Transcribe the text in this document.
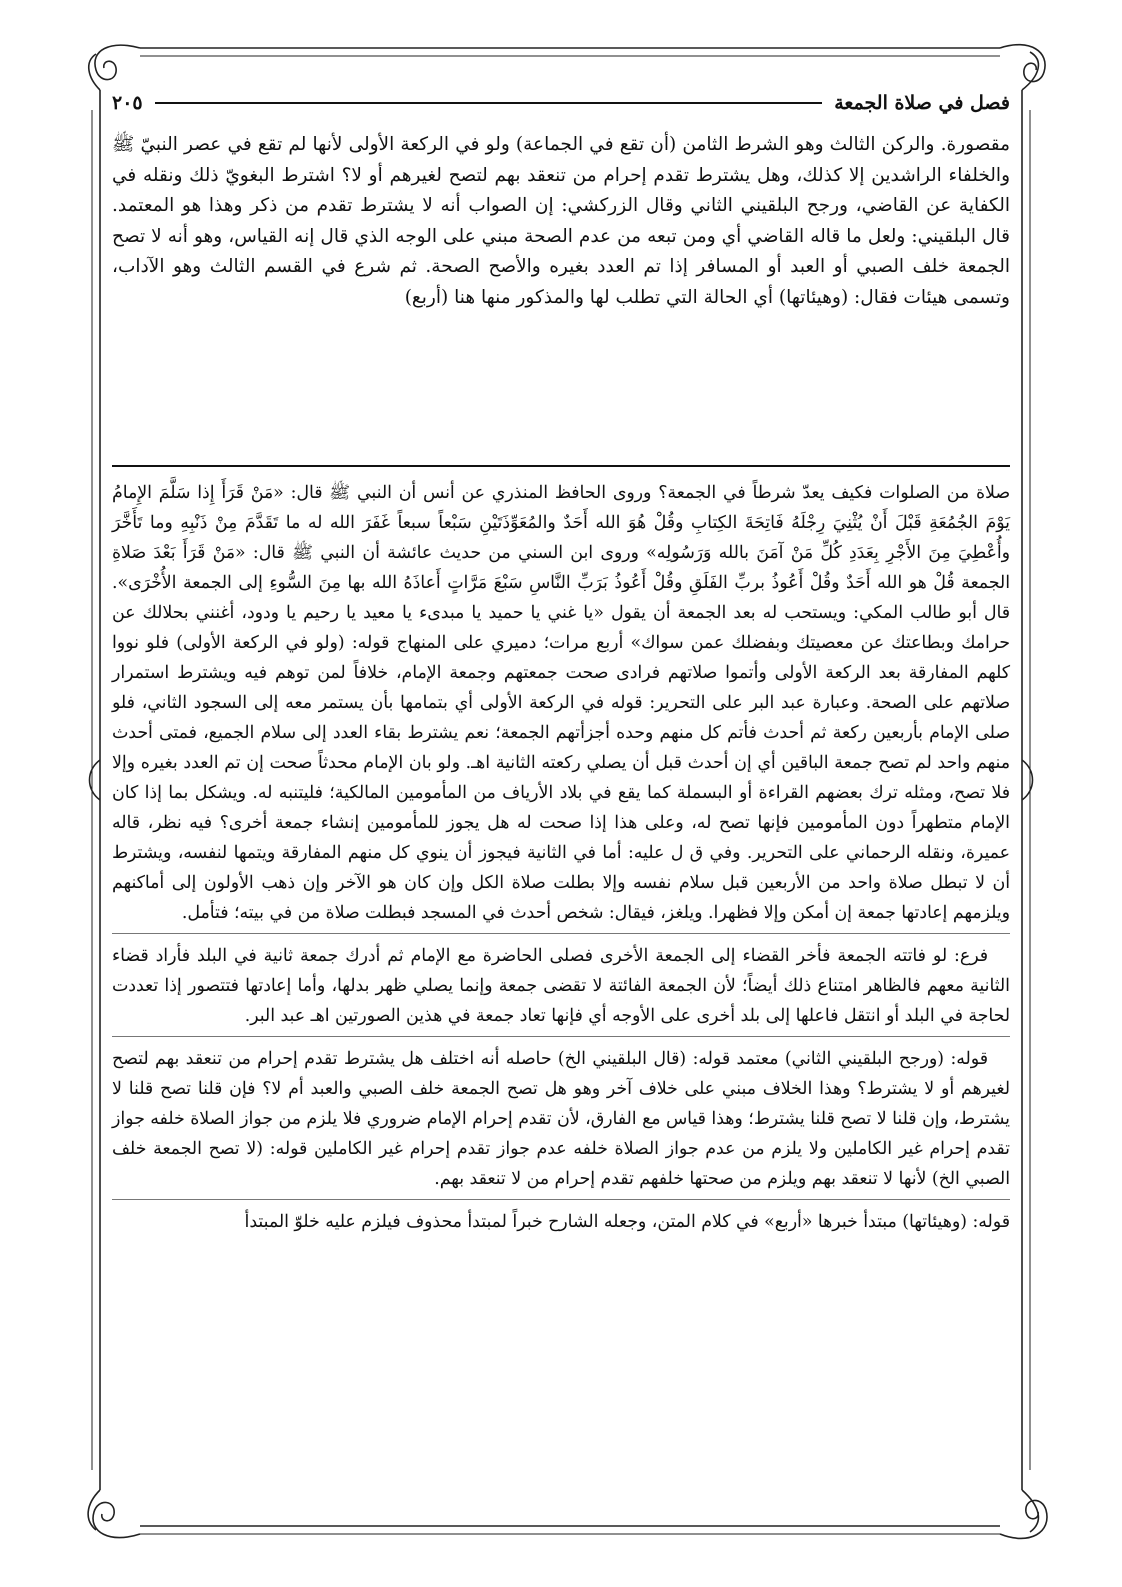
فصل في صلاة الجمعة
٢٠٥

مقصورة. والركن الثالث وهو الشرط الثامن (أن تقع في الجماعة) ولو في الركعة الأولى لأنها لم تقع في عصر النبيّ ﷺ والخلفاء الراشدين إلا كذلك، وهل يشترط تقدم إحرام من تنعقد بهم لتصح لغيرهم أو لا؟ اشترط البغويّ ذلك ونقله في الكفاية عن القاضي، ورجح البلقيني الثاني وقال الزركشي: إن الصواب أنه لا يشترط تقدم من ذكر وهذا هو المعتمد. قال البلقيني: ولعل ما قاله القاضي أي ومن تبعه من عدم الصحة مبني على الوجه الذي قال إنه القياس، وهو أنه لا تصح الجمعة خلف الصبي أو العبد أو المسافر إذا تم العدد بغيره والأصح الصحة. ثم شرع في القسم الثالث وهو الآداب، وتسمى هيئات فقال: (وهيئاتها) أي الحالة التي تطلب لها والمذكور منها هنا (أربع)

صلاة من الصلوات فكيف يعدّ شرطاً في الجمعة؟ وروى الحافظ المنذري عن أنس أن النبي ﷺ قال: «مَنْ قَرَأَ إِذا سَلَّمَ الإِمامُ يَوْمَ الجُمُعَةِ قَبْلَ أَنْ يُثْنِيَ رِجْلَهُ فَاتِحَةَ الكِتابِ وقُلْ هُوَ الله أَحَدٌ والمُعَوِّذَتَيْنِ سَبْعاً سبعاً غَفَرَ الله له ما تَقَدَّمَ مِنْ ذَنْبِهِ وما تَأَخَّرَ وأُعْطِيَ مِنَ الأَجْرِ بِعَدَدِ كُلِّ مَنْ آمَنَ بالله وَرَسُولِه» وروى ابن السني من حديث عائشة أن النبي ﷺ قال: «مَنْ قَرَأَ بَعْدَ صَلاةِ الجمعة قُلْ هو الله أَحَدٌ وقُلْ أَعُوذُ بربِّ الفَلَقِ وقُلْ أَعُوذُ بَرَبِّ النَّاسِ سَبْعَ مَرَّاتٍ أَعاذَهُ الله بها مِنَ السُّوءِ إلى الجمعة الأُخْرَى». قال أبو طالب المكي: ويستحب له بعد الجمعة أن يقول «يا غني يا حميد يا مبدىء يا معيد يا رحيم يا ودود، أغنني بحلالك عن حرامك وبطاعتك عن معصيتك وبفضلك عمن سواك» أربع مرات؛ دميري على المنهاج قوله: (ولو في الركعة الأولى) فلو نووا كلهم المفارقة بعد الركعة الأولى وأتموا صلاتهم فرادى صحت جمعتهم وجمعة الإمام، خلافاً لمن توهم فيه ويشترط استمرار صلاتهم على الصحة. وعبارة عبد البر على التحرير: قوله في الركعة الأولى أي بتمامها بأن يستمر معه إلى السجود الثاني، فلو صلى الإمام بأربعين ركعة ثم أحدث فأتم كل منهم وحده أجزأتهم الجمعة؛ نعم يشترط بقاء العدد إلى سلام الجميع، فمتى أحدث منهم واحد لم تصح جمعة الباقين أي إن أحدث قبل أن يصلي ركعته الثانية اهـ. ولو بان الإمام محدثاً صحت إن تم العدد بغيره وإلا فلا تصح، ومثله ترك بعضهم القراءة أو البسملة كما يقع في بلاد الأرياف من المأمومين المالكية؛ فليتنبه له. ويشكل بما إذا كان الإمام متطهراً دون المأمومين فإنها تصح له، وعلى هذا إذا صحت له هل يجوز للمأمومين إنشاء جمعة أخرى؟ فيه نظر، قاله عميرة، ونقله الرحماني على التحرير. وفي ق ل عليه: أما في الثانية فيجوز أن ينوي كل منهم المفارقة ويتمها لنفسه، ويشترط أن لا تبطل صلاة واحد من الأربعين قبل سلام نفسه وإلا بطلت صلاة الكل وإن كان هو الآخر وإن ذهب الأولون إلى أماكنهم ويلزمهم إعادتها جمعة إن أمكن وإلا فظهرا. ويلغز، فيقال: شخص أحدث في المسجد فبطلت صلاة من في بيته؛ فتأمل.

فرع: لو فاتته الجمعة فأخر القضاء إلى الجمعة الأخرى فصلى الحاضرة مع الإمام ثم أدرك جمعة ثانية في البلد فأراد قضاء الثانية معهم فالظاهر امتناع ذلك أيضاً؛ لأن الجمعة الفائتة لا تقضى جمعة وإنما يصلي ظهر بدلها، وأما إعادتها فتتصور إذا تعددت لحاجة في البلد أو انتقل فاعلها إلى بلد أخرى على الأوجه أي فإنها تعاد جمعة في هذين الصورتين اهـ عبد البر.

قوله: (ورجح البلقيني الثاني) معتمد قوله: (قال البلقيني الخ) حاصله أنه اختلف هل يشترط تقدم إحرام من تنعقد بهم لتصح لغيرهم أو لا يشترط؟ وهذا الخلاف مبني على خلاف آخر وهو هل تصح الجمعة خلف الصبي والعبد أم لا؟ فإن قلنا تصح قلنا لا يشترط، وإن قلنا لا تصح قلنا يشترط؛ وهذا قياس مع الفارق، لأن تقدم إحرام الإمام ضروري فلا يلزم من جواز الصلاة خلفه جواز تقدم إحرام غير الكاملين ولا يلزم من عدم جواز الصلاة خلفه عدم جواز تقدم إحرام غير الكاملين قوله: (لا تصح الجمعة خلف الصبي الخ) لأنها لا تنعقد بهم ويلزم من صحتها خلفهم تقدم إحرام من لا تنعقد بهم.

قوله: (وهيئاتها) مبتدأ خبرها «أربع» في كلام المتن، وجعله الشارح خبراً لمبتدأ محذوف فيلزم عليه خلوّ المبتدأ
